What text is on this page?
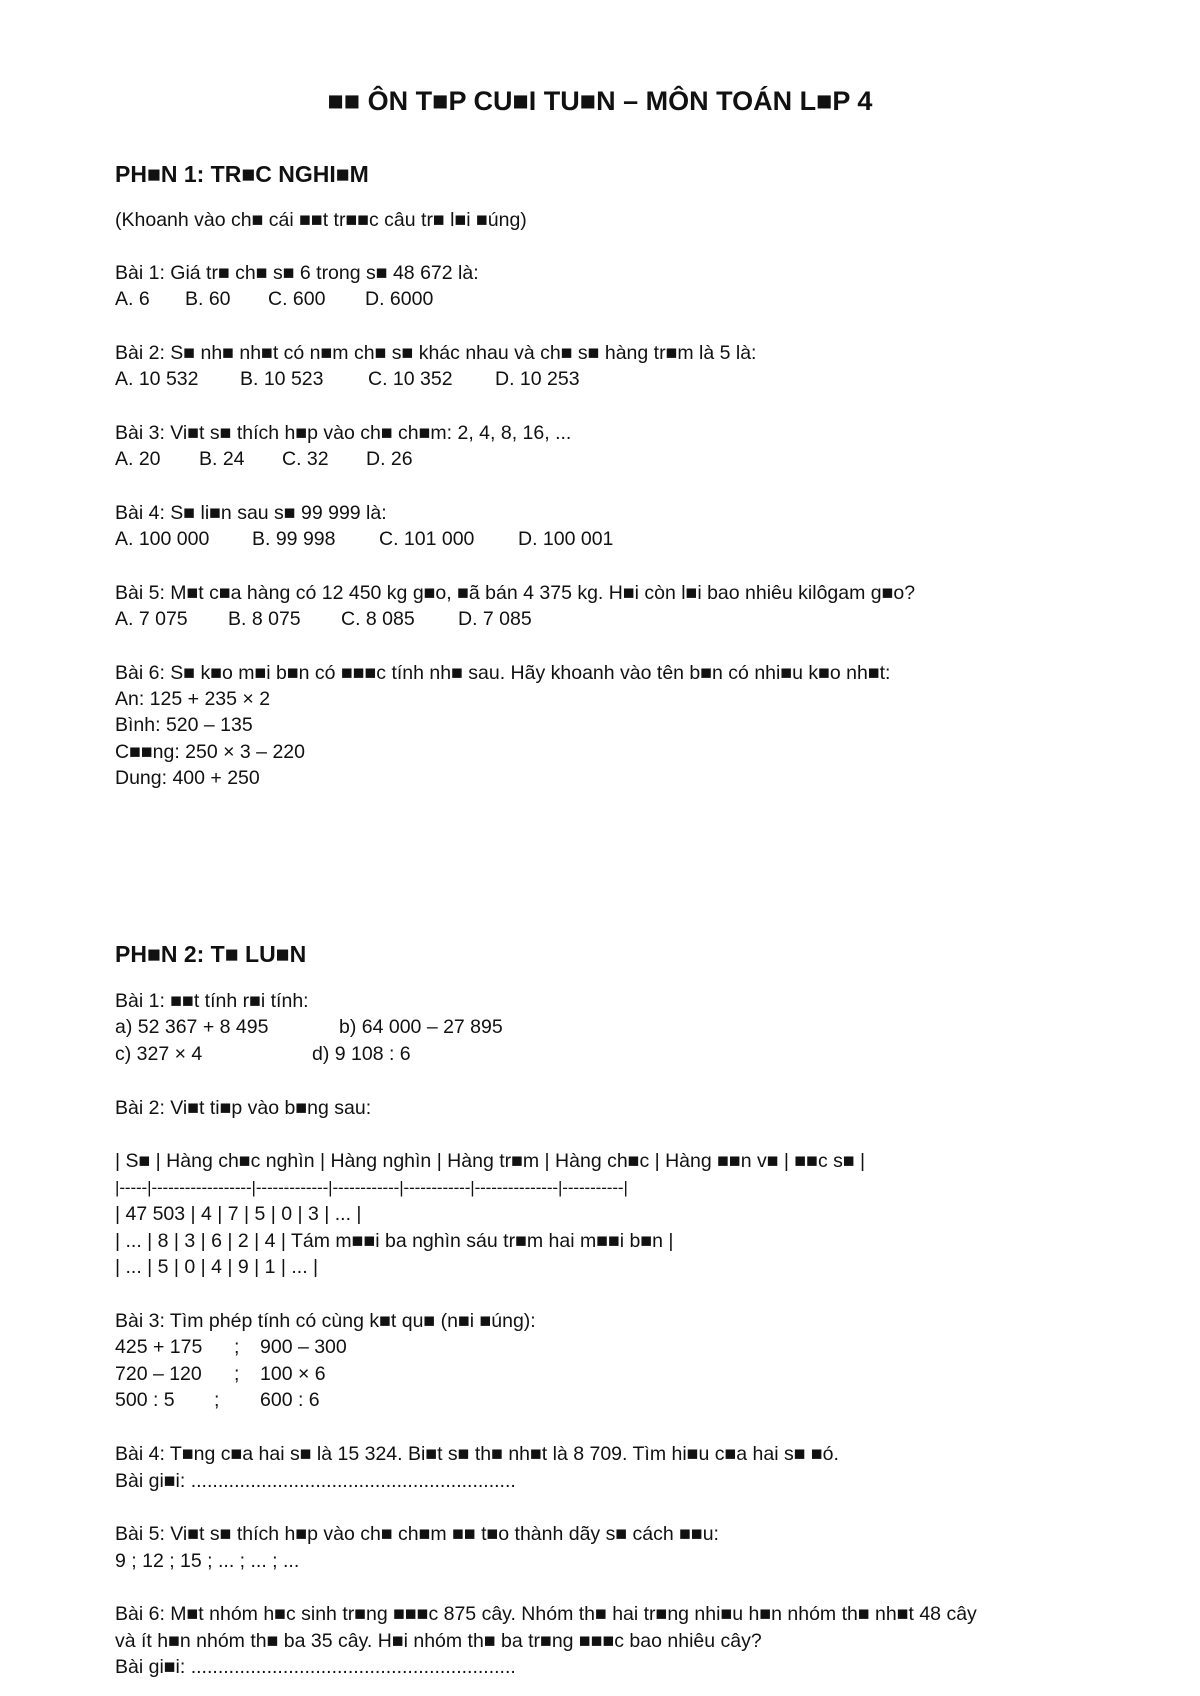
■■ ÔN T■P CU■I TU■N – MÔN TOÁN L■P 4
PH■N 1: TR■C NGHI■M
(Khoanh vào ch■ cái ■■t tr■■c câu tr■ l■i ■úng)
Bài 1: Giá tr■ ch■ s■ 6 trong s■ 48 672 là:
A. 6 B. 60 C. 600 D. 6000
Bài 2: S■ nh■ nh■t có n■m ch■ s■ khác nhau và ch■ s■ hàng tr■m là 5 là:
A. 10 532 B. 10 523 C. 10 352 D. 10 253
Bài 3: Vi■t s■ thích h■p vào ch■ ch■m: 2, 4, 8, 16, ...
A. 20 B. 24 C. 32 D. 26
Bài 4: S■ li■n sau s■ 99 999 là:
A. 100 000 B. 99 998 C. 101 000 D. 100 001
Bài 5: M■t c■a hàng có 12 450 kg g■o, ■ã bán 4 375 kg. H■i còn l■i bao nhiêu kilôgam g■o?
A. 7 075 B. 8 075 C. 8 085 D. 7 085
Bài 6: S■ k■o m■i b■n có ■■■c tính nh■ sau. Hãy khoanh vào tên b■n có nhi■u k■o nh■t:
An: 125 + 235 × 2
Bình: 520 – 135
C■■ng: 250 × 3 – 220
Dung: 400 + 250
PH■N 2: T■ LU■N
Bài 1: ■■t tính r■i tính:
a) 52 367 + 8 495	b) 64 000 – 27 895
c) 327 × 4	d) 9 108 : 6
Bài 2: Vi■t ti■p vào b■ng sau:
| S■ | Hàng ch■c nghìn | Hàng nghìn | Hàng tr■m | Hàng ch■c | Hàng ■■n v■ | ■■c s■ |
|-----|------------------|-------------|------------|------------|---------------|-----------|
| 47 503 | 4 | 7 | 5 | 0 | 3 | ... |
| ... | 8 | 3 | 6 | 2 | 4 | Tám m■■i ba nghìn sáu tr■m hai m■■i b■n |
| ... | 5 | 0 | 4 | 9 | 1 | ... |
Bài 3: Tìm phép tính có cùng k■t qu■ (n■i ■úng):
425 + 175 ; 900 – 300
720 – 120 ; 100 × 6
500 : 5 ; 600 : 6
Bài 4: T■ng c■a hai s■ là 15 324. Bi■t s■ th■ nh■t là 8 709. Tìm hi■u c■a hai s■ ■ó.
Bài gi■i: ............................................................
Bài 5: Vi■t s■ thích h■p vào ch■ ch■m ■■ t■o thành dãy s■ cách ■■u:
9 ; 12 ; 15 ; ... ; ... ; ...
Bài 6: M■t nhóm h■c sinh tr■ng ■■■c 875 cây. Nhóm th■ hai tr■ng nhi■u h■n nhóm th■ nh■t 48 cây
và ít h■n nhóm th■ ba 35 cây. H■i nhóm th■ ba tr■ng ■■■c bao nhiêu cây?
Bài gi■i: ............................................................
